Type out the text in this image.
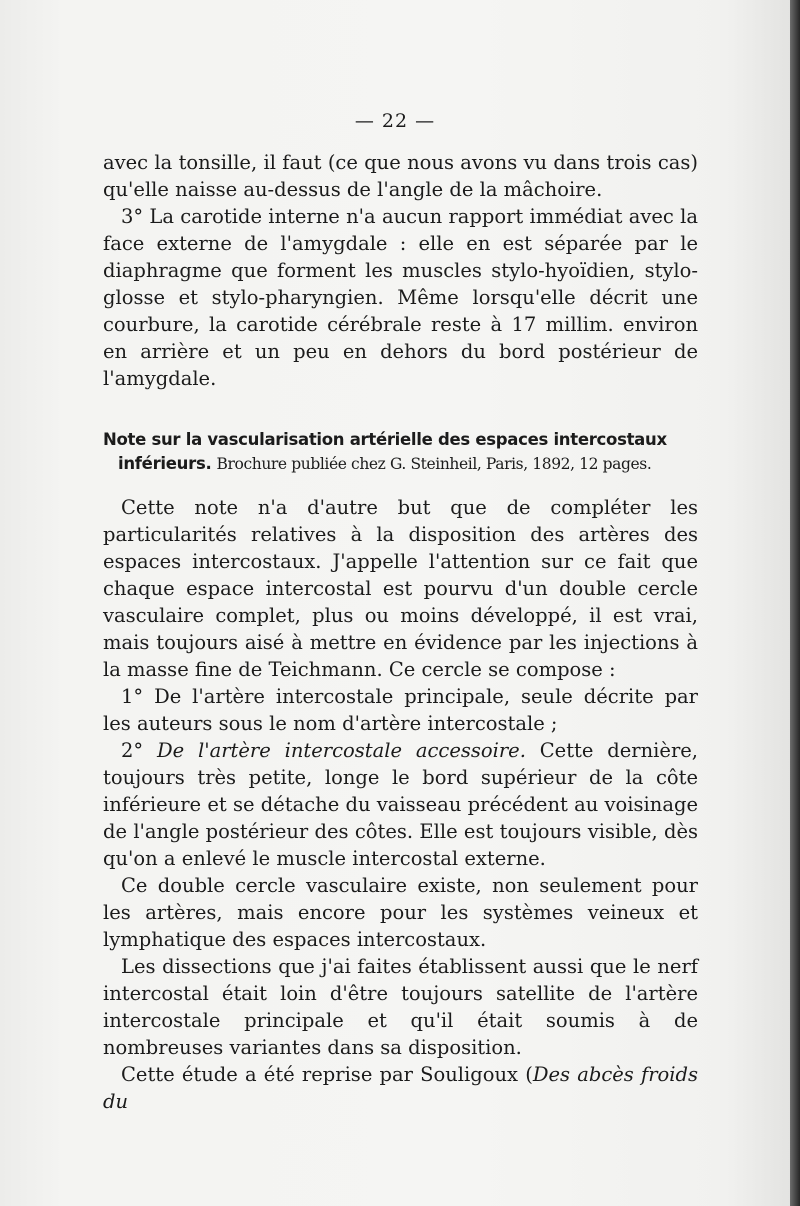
— 22 —

avec la tonsille, il faut (ce que nous avons vu dans trois cas) qu'elle naisse au-dessus de l'angle de la mâchoire.

3° La carotide interne n'a aucun rapport immédiat avec la face externe de l'amygdale : elle en est séparée par le diaphragme que forment les muscles stylo-hyoïdien, stylo-glosse et stylo-pharyngien. Même lorsqu'elle décrit une courbure, la carotide cérébrale reste à 17 millim. environ en arrière et un peu en dehors du bord postérieur de l'amygdale.

Note sur la vascularisation artérielle des espaces intercostaux
inférieurs. Brochure publiée chez G. Steinheil, Paris, 1892, 12 pages.

Cette note n'a d'autre but que de compléter les particularités relatives à la disposition des artères des espaces intercostaux. J'appelle l'attention sur ce fait que chaque espace intercostal est pourvu d'un double cercle vasculaire complet, plus ou moins développé, il est vrai, mais toujours aisé à mettre en évidence par les injections à la masse fine de Teichmann. Ce cercle se compose :

1° De l'artère intercostale principale, seule décrite par les auteurs sous le nom d'artère intercostale ;

2° De l'artère intercostale accessoire. Cette dernière, toujours très petite, longe le bord supérieur de la côte inférieure et se détache du vaisseau précédent au voisinage de l'angle postérieur des côtes. Elle est toujours visible, dès qu'on a enlevé le muscle intercostal externe.

Ce double cercle vasculaire existe, non seulement pour les artères, mais encore pour les systèmes veineux et lymphatique des espaces intercostaux.

Les dissections que j'ai faites établissent aussi que le nerf intercostal était loin d'être toujours satellite de l'artère intercostale principale et qu'il était soumis à de nombreuses variantes dans sa disposition.

Cette étude a été reprise par Souligoux (Des abcès froids du
